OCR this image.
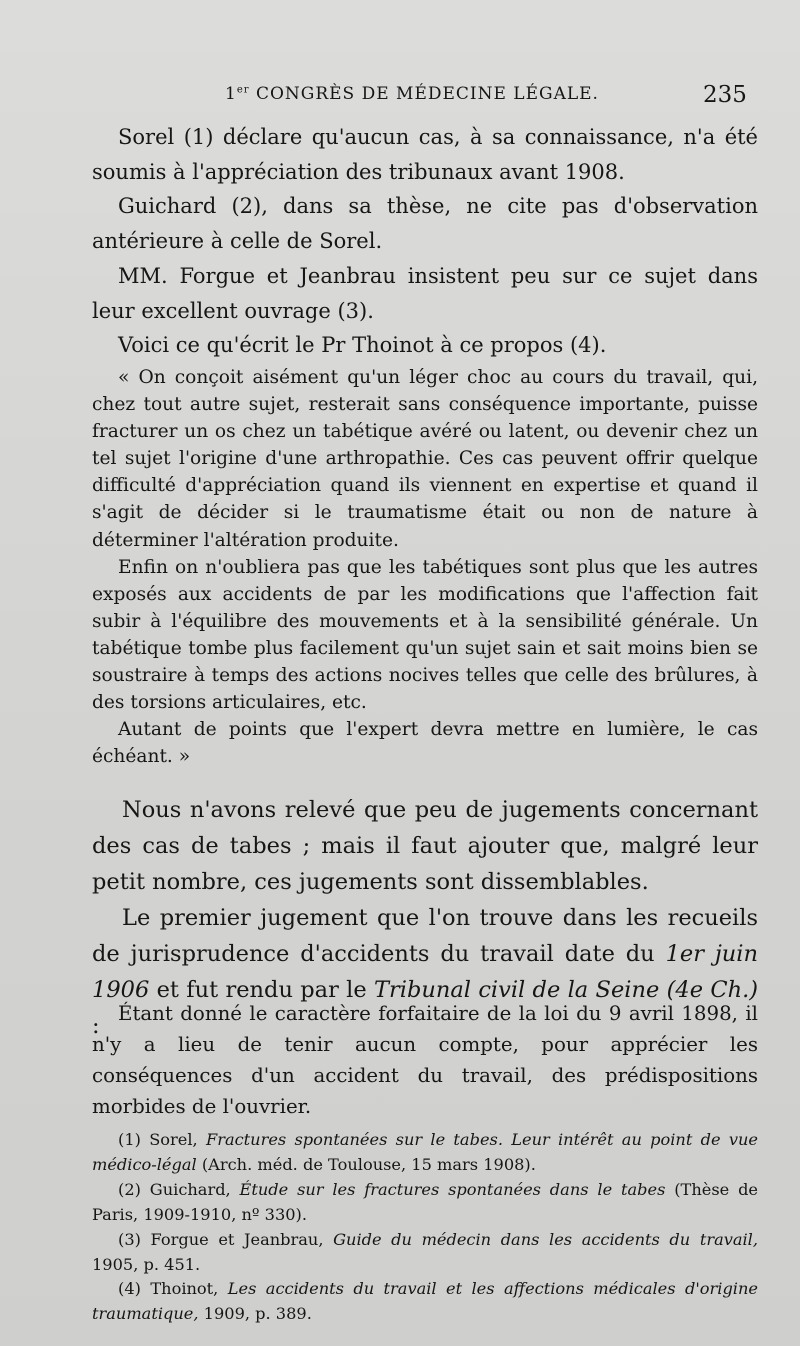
1er CONGRÈS DE MÉDECINE LÉGALE.	235

Sorel (1) déclare qu'aucun cas, à sa connaissance, n'a été soumis à l'appréciation des tribunaux avant 1908.

Guichard (2), dans sa thèse, ne cite pas d'observation antérieure à celle de Sorel.

MM. Forgue et Jeanbrau insistent peu sur ce sujet dans leur excellent ouvrage (3).

Voici ce qu'écrit le Pr Thoinot à ce propos (4).

« On conçoit aisément qu'un léger choc au cours du travail, qui, chez tout autre sujet, resterait sans conséquence importante, puisse fracturer un os chez un tabétique avéré ou latent, ou devenir chez un tel sujet l'origine d'une arthropathie. Ces cas peuvent offrir quelque difficulté d'appréciation quand ils viennent en expertise et quand il s'agit de décider si le traumatisme était ou non de nature à déterminer l'altération produite.

Enfin on n'oubliera pas que les tabétiques sont plus que les autres exposés aux accidents de par les modifications que l'affection fait subir à l'équilibre des mouvements et à la sensibilité générale. Un tabétique tombe plus facilement qu'un sujet sain et sait moins bien se soustraire à temps des actions nocives telles que celle des brûlures, à des torsions articulaires, etc.

Autant de points que l'expert devra mettre en lumière, le cas échéant. »

Nous n'avons relevé que peu de jugements concernant des cas de tabes ; mais il faut ajouter que, malgré leur petit nombre, ces jugements sont dissemblables.

Le premier jugement que l'on trouve dans les recueils de jurisprudence d'accidents du travail date du 1er juin 1906 et fut rendu par le Tribunal civil de la Seine (4e Ch.) : Étant donné le caractère forfaitaire de la loi du 9 avril 1898, il n'y a lieu de tenir aucun compte, pour apprécier les conséquences d'un accident du travail, des prédispositions morbides de l'ouvrier.

(1) Sorel, Fractures spontanées sur le tabes. Leur intérêt au point de vue médico-légal (Arch. méd. de Toulouse, 15 mars 1908).

(2) Guichard, Étude sur les fractures spontanées dans le tabes (Thèse de Paris, 1909-1910, nº 330).

(3) Forgue et Jeanbrau, Guide du médecin dans les accidents du travail, 1905, p. 451.

(4) Thoinot, Les accidents du travail et les affections médicales d'origine traumatique, 1909, p. 389.
